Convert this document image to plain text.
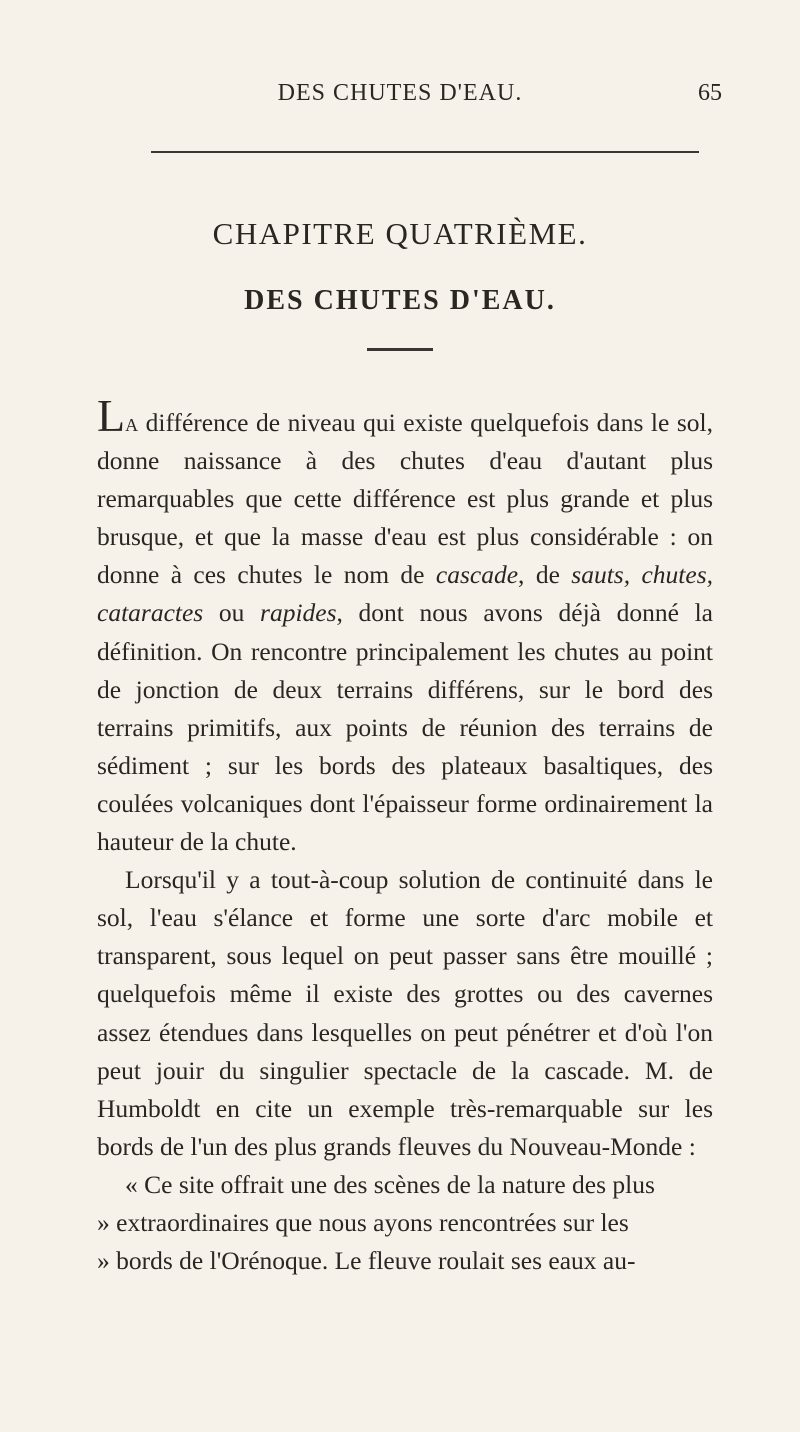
DES CHUTES D'EAU.	65
CHAPITRE QUATRIÈME.
DES CHUTES D'EAU.

La différence de niveau qui existe quelquefois dans le sol, donne naissance à des chutes d'eau d'autant plus remarquables que cette différence est plus grande et plus brusque, et que la masse d'eau est plus considérable : on donne à ces chutes le nom de cascade, de sauts, chutes, cataractes ou rapides, dont nous avons déjà donné la définition. On rencontre principalement les chutes au point de jonction de deux terrains différens, sur le bord des terrains primitifs, aux points de réunion des terrains de sédiment ; sur les bords des plateaux basaltiques, des coulées volcaniques dont l'épaisseur forme ordinairement la hauteur de la chute.

Lorsqu'il y a tout-à-coup solution de continuité dans le sol, l'eau s'élance et forme une sorte d'arc mobile et transparent, sous lequel on peut passer sans être mouillé ; quelquefois même il existe des grottes ou des cavernes assez étendues dans lesquelles on peut pénétrer et d'où l'on peut jouir du singulier spectacle de la cascade. M. de Humboldt en cite un exemple très-remarquable sur les bords de l'un des plus grands fleuves du Nouveau-Monde :

« Ce site offrait une des scènes de la nature des plus

» extraordinaires que nous ayons rencontrées sur les

» bords de l'Orénoque. Le fleuve roulait ses eaux au-
